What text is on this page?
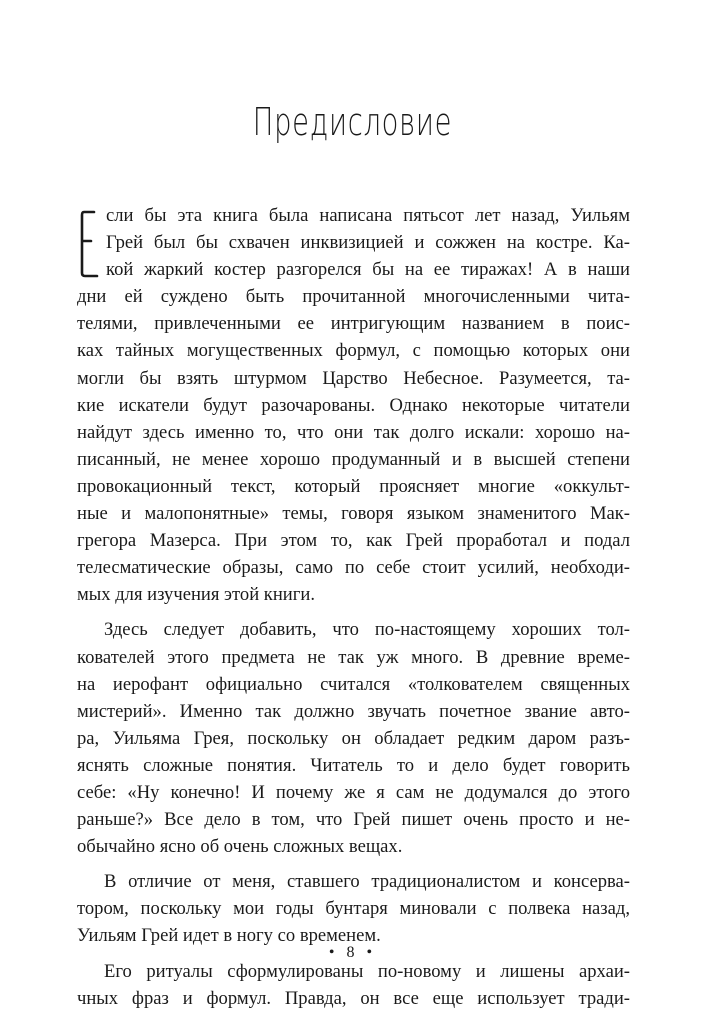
Предисловие
сли бы эта книга была написана пятьсот лет назад, Уильям
Грей был бы схвачен инквизицией и сожжен на костре. Ка-
кой жаркий костер разгорелся бы на ее тиражах! А в наши
дни ей суждено быть прочитанной многочисленными чита-
телями, привлеченными ее интригующим названием в поис-
ках тайных могущественных формул, с помощью которых они
могли бы взять штурмом Царство Небесное. Разумеется, та-
кие искатели будут разочарованы. Однако некоторые читатели
найдут здесь именно то, что они так долго искали: хорошо на-
писанный, не менее хорошо продуманный и в высшей степени
провокационный текст, который проясняет многие «оккульт-
ные и малопонятные» темы, говоря языком знаменитого Мак-
грегора Мазерса. При этом то, как Грей проработал и подал
телесматические образы, само по себе стоит усилий, необходи-
мых для изучения этой книги.
Здесь следует добавить, что по-настоящему хороших тол-
кователей этого предмета не так уж много. В древние време-
на иерофант официально считался «толкователем священных
мистерий». Именно так должно звучать почетное звание авто-
ра, Уильяма Грея, поскольку он обладает редким даром разъ-
яснять сложные понятия. Читатель то и дело будет говорить
себе: «Ну конечно! И почему же я сам не додумался до этого
раньше?» Все дело в том, что Грей пишет очень просто и не-
обычайно ясно об очень сложных вещах.
В отличие от меня, ставшего традиционалистом и консерва-
тором, поскольку мои годы бунтаря миновали с полвека назад,
Уильям Грей идет в ногу со временем.
Его ритуалы сформулированы по-новому и лишены архаи-
чных фраз и формул. Правда, он все еще использует тради-
• 8 •
